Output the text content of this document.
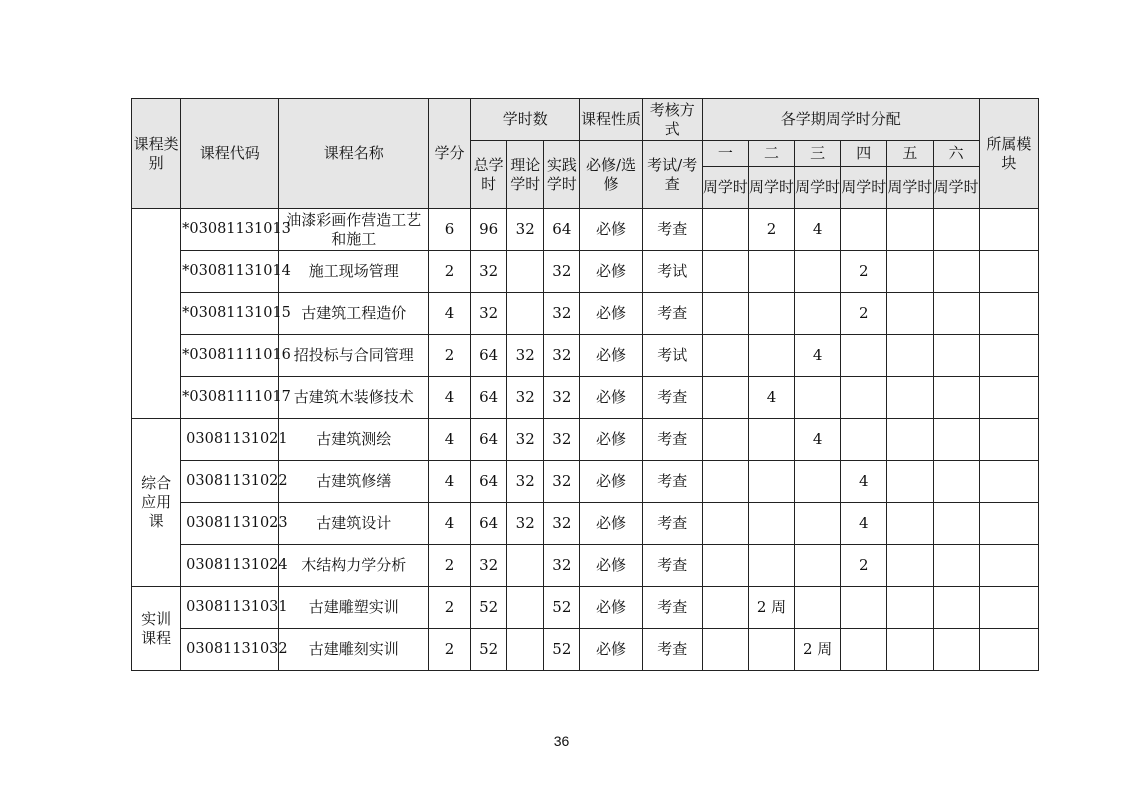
课程类别	课程代码	课程名称	学分	学时数			课程性质	考核方式	各学期周学时分配						所属模块
				总学时	理论学时	实践学时	必修/选修	考试/考查	一	二	三	四	五	六	
									周学时	周学时	周学时	周学时	周学时	周学时	
	*03081131013	油漆彩画作营造工艺和施工	6	96	32	64	必修	考查		2	4				
	*03081131014	施工现场管理	2	32		32	必修	考试				2			
	*03081131015	古建筑工程造价	4	32		32	必修	考查				2			
	*03081111016	招投标与合同管理	2	64	32	32	必修	考试			4				
	*03081111017	古建筑木装修技术	4	64	32	32	必修	考查		4					
综合应用课	03081131021	古建筑测绘	4	64	32	32	必修	考查			4				
	03081131022	古建筑修缮	4	64	32	32	必修	考查				4			
	03081131023	古建筑设计	4	64	32	32	必修	考查				4			
	03081131024	木结构力学分析	2	32		32	必修	考查				2			
实训课程	03081131031	古建雕塑实训	2	52		52	必修	考查		2 周					
	03081131032	古建雕刻实训	2	52		52	必修	考查			2 周				
36
